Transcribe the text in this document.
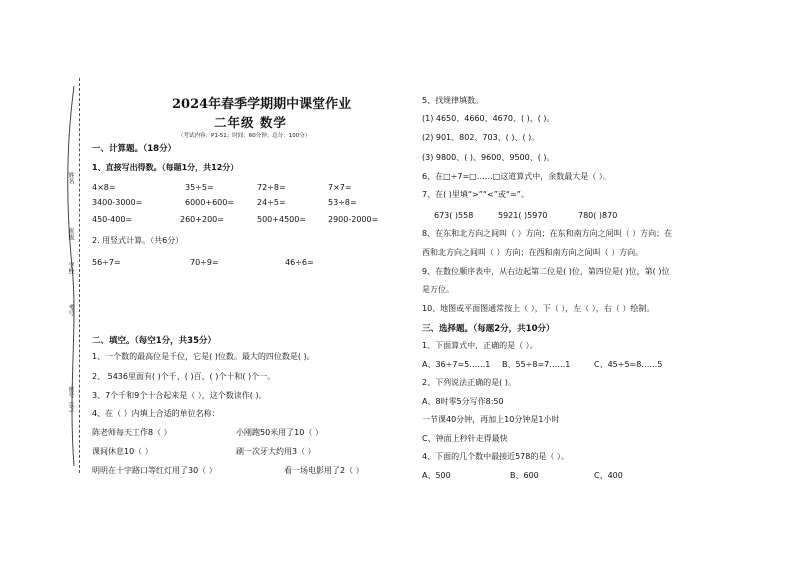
姓名
班级
学校
考号
座号（号）
2024年春季学期期中课堂作业
二年级 数学
（考试内容：P1-51；时间：60分钟；总分：100分）
一、计算题。（18分）
1、直接写出得数。（每题1分，共12分）
4×8=	35÷5=	72÷8=	7×7=
3400-3000=	6000+600=	24÷5=	53÷8=
450-400=	260+200=	500+4500=	2900-2000=
2. 用竖式计算。（共6分）
56÷7=	70÷9=	46÷6=
二、填空。（每空1分，共35分）
1、一个数的最高位是千位，它是( )位数。最大的四位数是( )。
2、 5436里面有( )个千、( )百、( )个十和( )个一。
3、7个千和9个十合起来是（ ），这个数读作( )。
4、在（ ）内填上合适的单位名称：
陈老师每天工作8（ ）	小刚跑50米用了10（ ）
课间休息10（ ）	刷一次牙大约用3（ ）
明明在十字路口等红灯用了30（ ）	看一场电影用了2（ ）
5、找规律填数。
(1) 4650、4660、4670、( )、( )。
(2) 901、802、703、( )、( )。
(3) 9800、( )、9600、9500、( )。
6、在□÷7=□……□这道算式中，余数最大是（ ）。
7、在( )里填“>”“<”或“=”。
673( )558	5921( )5970	780( )870
8、在东和北方向之间叫（ ）方向；在东和南方向之间叫（ ）方向；在
西和北方向之间叫（ ）方向；在西和南方向之间叫（ ）方向。
9、在数位顺序表中，从右边起第二位是( )位，第四位是( )位，第( )位
是万位。
10、地图或平面图通常按上（ ），下（ ），左（ ），右（ ）绘制。
三、选择题。（每题2分，共10分）
1、下面算式中，正确的是（ ）。
A、36÷7=5……1 B、55÷8=7……1	C、45÷5=8……5
2、下列说法正确的是( )。
A、8时零5分写作8:50
一节课40分钟，再加上10分钟是1小时
C、钟面上秒针走得最快
4、下面的几个数中最接近578的是（ ）。
A、500	B、600	C、400
